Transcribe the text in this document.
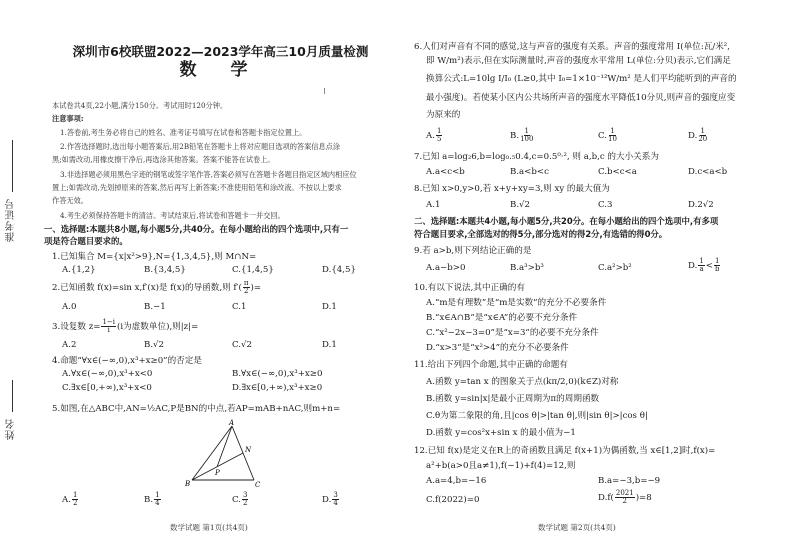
准考证号
姓名
深圳市6校联盟2022—2023学年高三10月质量检测
数 学
本试卷共4页,22小题,满分150分。考试用时120分钟。
注意事项:
1.答卷前,考生务必将自己的姓名、准考证号填写在试卷和答题卡指定位置上。
2.作答选择题时,选出每小题答案后,用2B铅笔在答题卡上将对应题目选项的答案信息点涂
黑;如需改动,用橡皮擦干净后,再选涂其他答案。答案不能答在试卷上。
3.非选择题必须用黑色字迹的钢笔或签字笔作答,答案必须写在答题卡各题目指定区域内相应位
置上;如需改动,先划掉原来的答案,然后再写上新答案;不准使用铅笔和涂改液。不按以上要求
作答无效。
4.考生必须保持答题卡的清洁。考试结束后,将试卷和答题卡一并交回。
一、选择题:本题共8小题,每小题5分,共40分。在每小题给出的四个选项中,只有一
项是符合题目要求的。
1.已知集合 M={x|x²>9},N={1,3,4,5},则 M∩N=
A.{1,2}	B.{3,4,5}	C.{1,4,5}	D.{4,5}
2.已知函数 f(x)=sin x,f′(x)是 f(x)的导函数,则 $f'( \frac{\pi}{2}$ )=
A.0	B.−1	C.1	D.1
3.设复数 $z= \frac{1-i}{i} (i$为虚数单位),则|z|=
A.2	B.√2	C.√2	D.1
4.命题“∀x∈(−∞,0),x³+x≥0”的否定是
A.∀x∈(−∞,0),x³+x<0	B.∀x∈(−∞,0),x³+x≥0
C.∃x∈[0,+∞),x³+x<0	D.∃x∈[0,+∞),x³+x≥0
5.如图,在△ABC中,AN=½AC,P是BN的中点,若AP=mAB+nAC,则m+n=
A
B	C
N
P
A. $\frac{1}{2}$	B. $\frac{1}{4}$	C. $\frac{3}{2}$	D. $\frac{3}{4}$
数学试题 第1页(共4页)
6.人们对声音有不同的感觉,这与声音的强度有关系。声音的强度常用 I(单位:瓦/米²,
即 W/m²)表示,但在实际测量时,声音的强度水平常用 L(单位:分贝)表示,它们满足
换算公式:L=10lg I/I₀ (L≥0,其中 I₀=1×10⁻¹²W/m² 是人们平均能听到的声音的
最小强度)。若使某小区内公共场所声音的强度水平降低10分贝,则声音的强度应变
为原来的
A. $\frac{1}{5}$	B. $\frac{1}{100}$	C. $\frac{1}{10}$	D. $\frac{1}{20}$
7.已知 a=log₂6,b=log₀.₅0.4,c=0.5⁰·², 则 a,b,c 的大小关系为
A.a<c<b	B.a<b<c	C.b<c<a	D.c<a<b
8.已知 x>0,y>0,若 x+y+xy=3,则 xy 的最大值为
A.1	B.√2	C.3	D.2√2
二、选择题:本题共4小题,每小题5分,共20分。在每小题给出的四个选项中,有多项
符合题目要求,全部选对的得5分,部分选对的得2分,有选错的得0分。
9.若 a>b,则下列结论正确的是
A.a−b>0	B.a³>b³	C.a²>b²	D. $\frac{1}{a} < \frac{1}{b}$
10.有以下说法,其中正确的有
A.“m是有理数”是“m是实数”的充分不必要条件
B.“x∈A∩B”是“x∈A”的必要不充分条件
C.“x²−2x−3=0”是“x=3”的必要不充分条件
D.“x>3”是“x²>4”的充分不必要条件
11.给出下列四个命题,其中正确的命题有
A.函数 y=tan x 的图象关于点(kπ/2,0)(k∈Z)对称
B.函数 y=sin|x|是最小正周期为π的周期函数
C.θ为第二象限的角,且|cos θ|>|tan θ|,则|sin θ|>|cos θ|
D.函数 y=cos²x+sin x 的最小值为−1
12.已知 f(x)是定义在R上的奇函数且满足 f(x+1)为偶函数,当 x∈[1,2]时,f(x)=
a²+b(a>0且a≠1),f(−1)+f(4)=12,则
A.a=4,b=−16	B.a=−3,b=−9
C.f(2022)=0	$D.f( \frac{2021}{2} )=8$
数学试题 第2页(共4页)
